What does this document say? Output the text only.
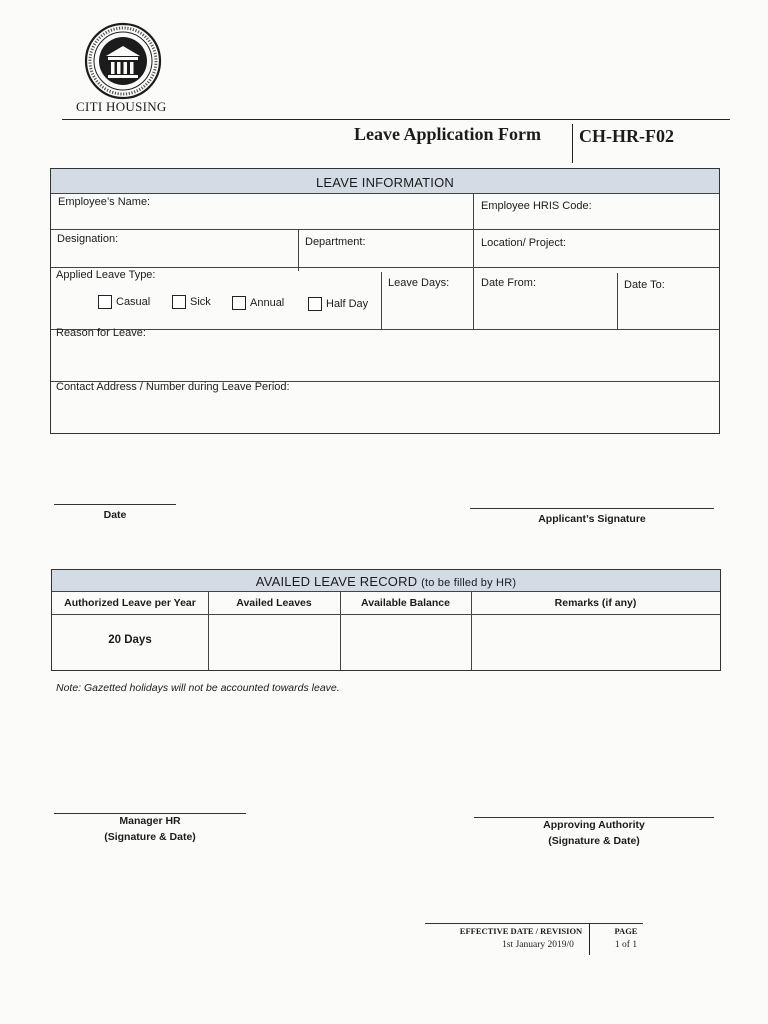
CITI HOUSING
Leave Application Form CH-HR-F02
LEAVE INFORMATION
Employee’s Name:	Employee HRIS Code:
Designation:	Department:	Location/ Project:
Applied Leave Type:
Casual	Sick	Annual	Half Day
Leave Days:	Date From:	Date To:
Reason for Leave:
Contact Address / Number during Leave Period:
Date	Applicant’s Signature
AVAILED LEAVE RECORD (to be filled by HR)
Authorized Leave per Year	Availed Leaves	Available Balance	Remarks (if any)
20 Days
Note: Gazetted holidays will not be accounted towards leave.
Manager HR
(Signature & Date)
Approving Authority
(Signature & Date)
EFFECTIVE DATE / REVISION
1st January 2019/0
PAGE
1 of 1
